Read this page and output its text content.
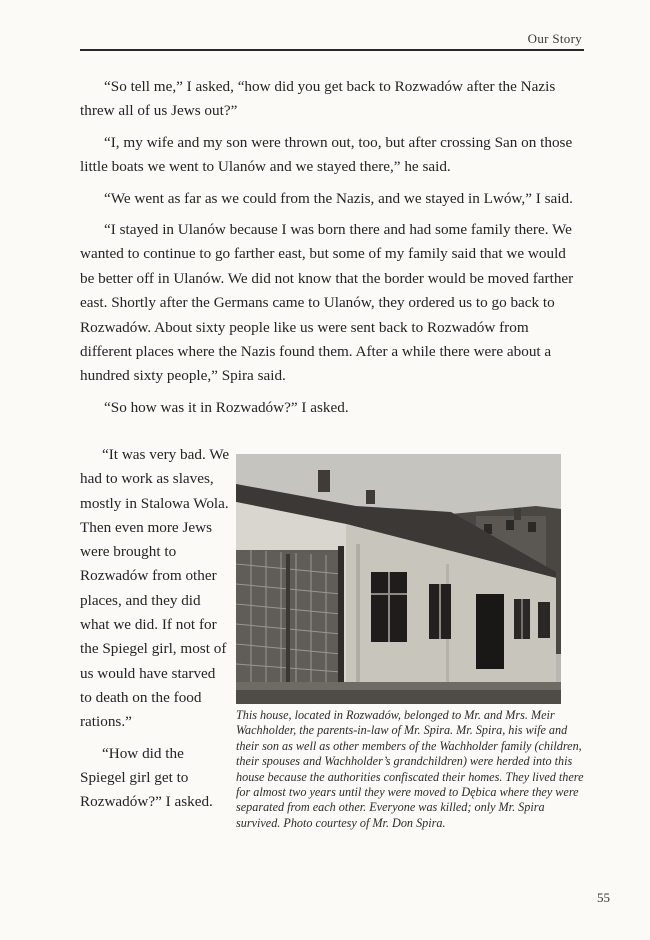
Our Story

“So tell me,” I asked, “how did you get back to Rozwadów after the Nazis threw all of us Jews out?”

“I, my wife and my son were thrown out, too, but after crossing San on those little boats we went to Ulanów and we stayed there,” he said.

“We went as far as we could from the Nazis, and we stayed in Lwów,” I said.

“I stayed in Ulanów because I was born there and had some family there. We wanted to continue to go farther east, but some of my family said that we would be better off in Ulanów. We did not know that the border would be moved farther east. Shortly after the Germans came to Ulanów, they ordered us to go back to Rozwadów. About sixty people like us were sent back to Rozwadów from different places where the Nazis found them. After a while there were about a hundred sixty people,” Spira said.

“So how was it in Rozwadów?” I asked.

“It was very bad. We had to work as slaves, mostly in Stalowa Wola. Then even more Jews were brought to Rozwadów from other places, and they did what we did. If not for the Spiegel girl, most of us would have starved to death on the food rations.”

“How did the Spiegel girl get to Rozwadów?” I asked.

This house, located in Rozwadów, belonged to Mr. and Mrs. Meir Wachholder, the parents-in-law of Mr. Spira. Mr. Spira, his wife and their son as well as other members of the Wachholder family (children, their spouses and Wachholder’s grandchildren) were herded into this house because the authorities confiscated their homes. They lived there for almost two years until they were moved to Dębica where they were separated from each other. Everyone was killed; only Mr. Spira survived. Photo courtesy of Mr. Don Spira.
55
